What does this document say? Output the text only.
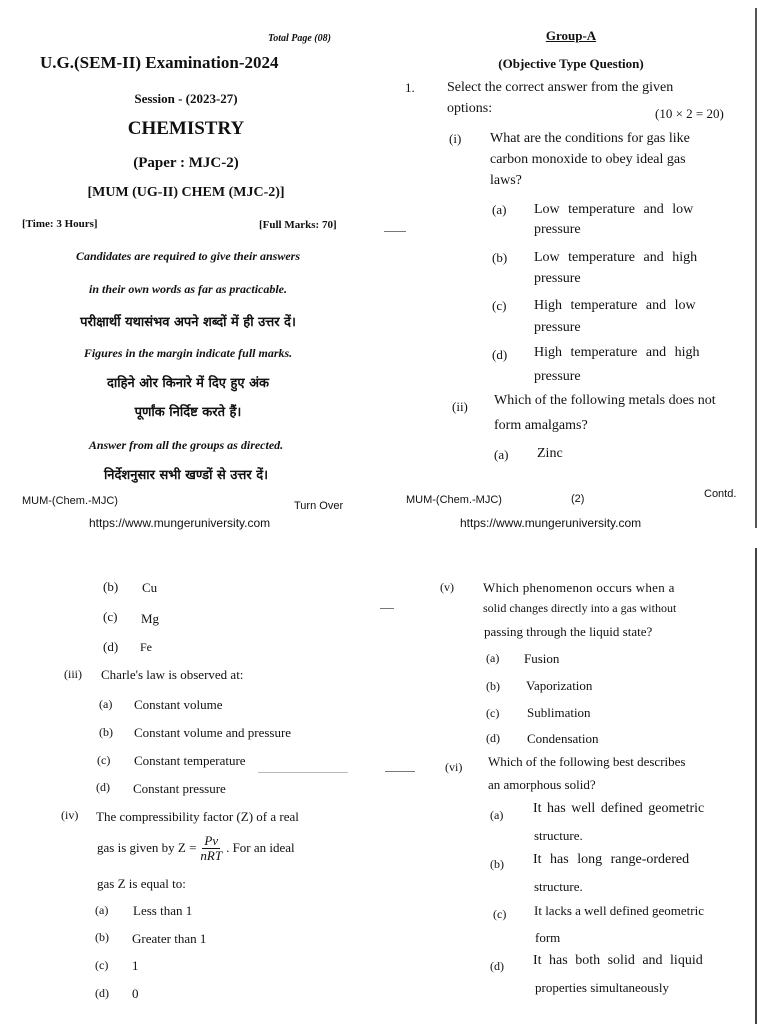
Total Page (08)
U.G.(SEM-II) Examination-2024
Session - (2023-27)
CHEMISTRY
(Paper : MJC-2)
[MUM (UG-II) CHEM (MJC-2)]
[Time: 3 Hours]	[Full Marks: 70]
Candidates are required to give their answers
in their own words as far as practicable.
परीक्षार्थी यथासंभव अपने शब्दों में ही उत्तर दें।
Figures in the margin indicate full marks.
दाहिने ओर किनारे में दिए हुए अंक
पूर्णांक निर्दिष्ट करते हैं।
Answer from all the groups as directed.
निर्देशनुसार सभी खण्डों से उत्तर दें।
MUM-(Chem.-MJC)	Turn Over
https://www.mungeruniversity.com
Group-A
(Objective Type Question)
1. Select the correct answer from the given
options:	(10 × 2 = 20)
(i) What are the conditions for gas like
carbon monoxide to obey ideal gas
laws?
(a) Low temperature and low
pressure
(b) Low temperature and high
pressure
(c) High temperature and low
pressure
(d) High temperature and high
pressure
(ii) Which of the following metals does not
form amalgams?
(a) Zinc
MUM-(Chem.-MJC)	(2)	Contd.
https://www.mungeruniversity.com
(b) Cu
(c) Mg
(d) Fe
(iii) Charle's law is observed at:
(a) Constant volume
(b) Constant volume and pressure
(c) Constant temperature
(d) Constant pressure
(iv) The compressibility factor (Z) of a real
gas is given by $Z = \frac{Pv}{\text{nRT}}$ . For an ideal
gas Z is equal to:
(a) Less than 1
(b) Greater than 1
(c) 1
(d) 0
(v) Which phenomenon occurs when a
solid changes directly into a gas without
passing through the liquid state?
(a) Fusion
(b) Vaporization
(c) Sublimation
(d) Condensation
(vi) Which of the following best describes
an amorphous solid?
(a) It has well defined geometric
structure.
(b) It has long range-ordered
structure.
(c) It lacks a well defined geometric
form
(d) It has both solid and liquid
properties simultaneously
